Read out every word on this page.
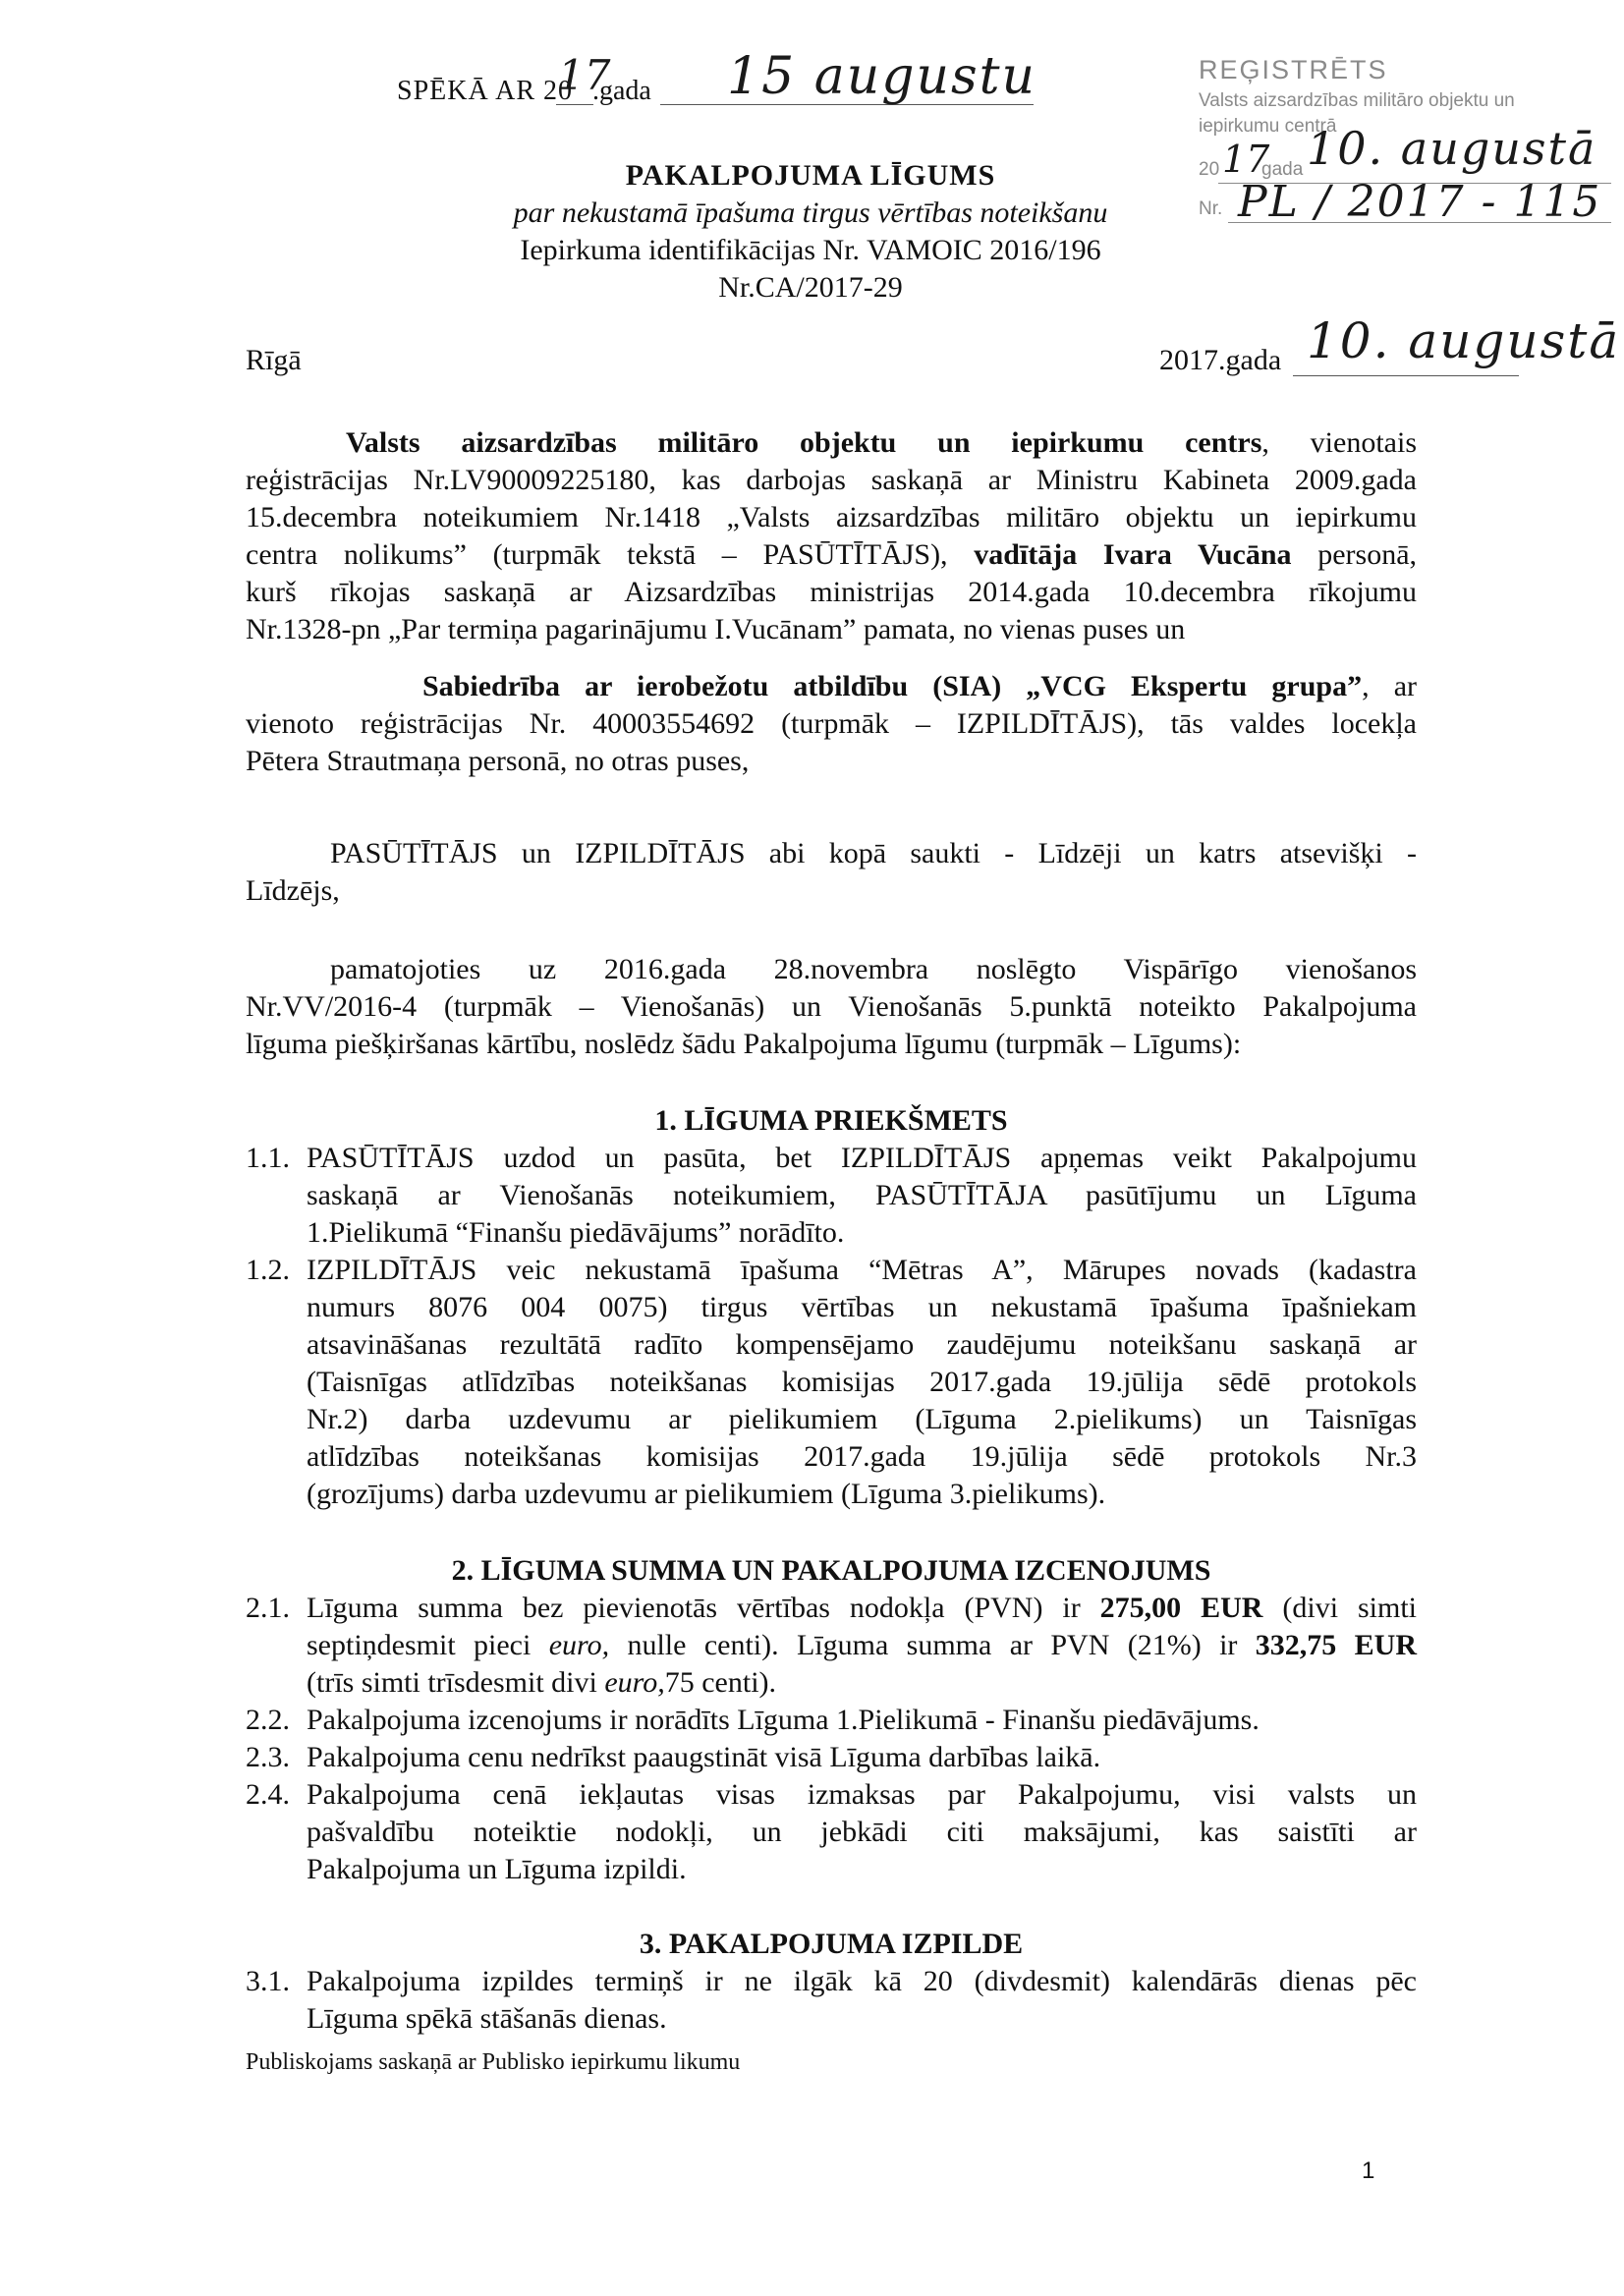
SPĒKĀ AR 20
17
.gada 15 augustu	REĢISTRĒTS
Valsts aizsardzības militāro objektu un
iepirkumu centrā
20 17
gada 10. augustā
Nr. PL / 2017 - 115
PAKALPOJUMA LĪGUMS
par nekustamā īpašuma tirgus vērtības noteikšanu
Iepirkuma identifikācijas Nr. VAMOIC 2016/196
Nr.CA/2017-29
Rīgā	2017.gada 10. augustā
Valsts aizsardzības militāro objektu un iepirkumu centrs, vienotais
reģistrācijas Nr.LV90009225180, kas darbojas saskaņā ar Ministru Kabineta 2009.gada
15.decembra noteikumiem Nr.1418 „Valsts aizsardzības militāro objektu un iepirkumu
centra nolikums” (turpmāk tekstā – PASŪTĪTĀJS), vadītāja Ivara Vucāna personā,
kurš rīkojas saskaņā ar Aizsardzības ministrijas 2014.gada 10.decembra rīkojumu
Nr.1328-pn „Par termiņa pagarinājumu I.Vucānam” pamata, no vienas puses un
Sabiedrība ar ierobežotu atbildību (SIA) „VCG Ekspertu grupa”, ar
vienoto reģistrācijas Nr. 40003554692 (turpmāk – IZPILDĪTĀJS), tās valdes locekļa
Pētera Strautmaņa personā, no otras puses,
PASŪTĪTĀJS un IZPILDĪTĀJS abi kopā saukti - Līdzēji un katrs atsevišķi -
Līdzējs,
pamatojoties uz 2016.gada 28.novembra noslēgto Vispārīgo vienošanos
Nr.VV/2016-4 (turpmāk – Vienošanās) un Vienošanās 5.punktā noteikto Pakalpojuma
līguma piešķiršanas kārtību, noslēdz šādu Pakalpojuma līgumu (turpmāk – Līgums):
1. LĪGUMA PRIEKŠMETS
1.1. PASŪTĪTĀJS uzdod un pasūta, bet IZPILDĪTĀJS apņemas veikt Pakalpojumu
saskaņā ar Vienošanās noteikumiem, PASŪTĪTĀJA pasūtījumu un Līguma
1.Pielikumā “Finanšu piedāvājums” norādīto.
1.2. IZPILDĪTĀJS veic nekustamā īpašuma “Mētras A”, Mārupes novads (kadastra
numurs 8076 004 0075) tirgus vērtības un nekustamā īpašuma īpašniekam
atsavināšanas rezultātā radīto kompensējamo zaudējumu noteikšanu saskaņā ar
(Taisnīgas atlīdzības noteikšanas komisijas 2017.gada 19.jūlija sēdē protokols
Nr.2) darba uzdevumu ar pielikumiem (Līguma 2.pielikums) un Taisnīgas
atlīdzības noteikšanas komisijas 2017.gada 19.jūlija sēdē protokols Nr.3
(grozījums) darba uzdevumu ar pielikumiem (Līguma 3.pielikums).
2. LĪGUMA SUMMA UN PAKALPOJUMA IZCENOJUMS
2.1. Līguma summa bez pievienotās vērtības nodokļa (PVN) ir 275,00 EUR (divi simti
septiņdesmit pieci euro, nulle centi). Līguma summa ar PVN (21%) ir 332,75 EUR
(trīs simti trīsdesmit divi euro,75 centi).
2.2. Pakalpojuma izcenojums ir norādīts Līguma 1.Pielikumā - Finanšu piedāvājums.
2.3. Pakalpojuma cenu nedrīkst paaugstināt visā Līguma darbības laikā.
2.4. Pakalpojuma cenā iekļautas visas izmaksas par Pakalpojumu, visi valsts un
pašvaldību noteiktie nodokļi, un jebkādi citi maksājumi, kas saistīti ar
Pakalpojuma un Līguma izpildi.
3. PAKALPOJUMA IZPILDE
3.1. Pakalpojuma izpildes termiņš ir ne ilgāk kā 20 (divdesmit) kalendārās dienas pēc
Līguma spēkā stāšanās dienas.
Publiskojams saskaņā ar Publisko iepirkumu likumu
1
